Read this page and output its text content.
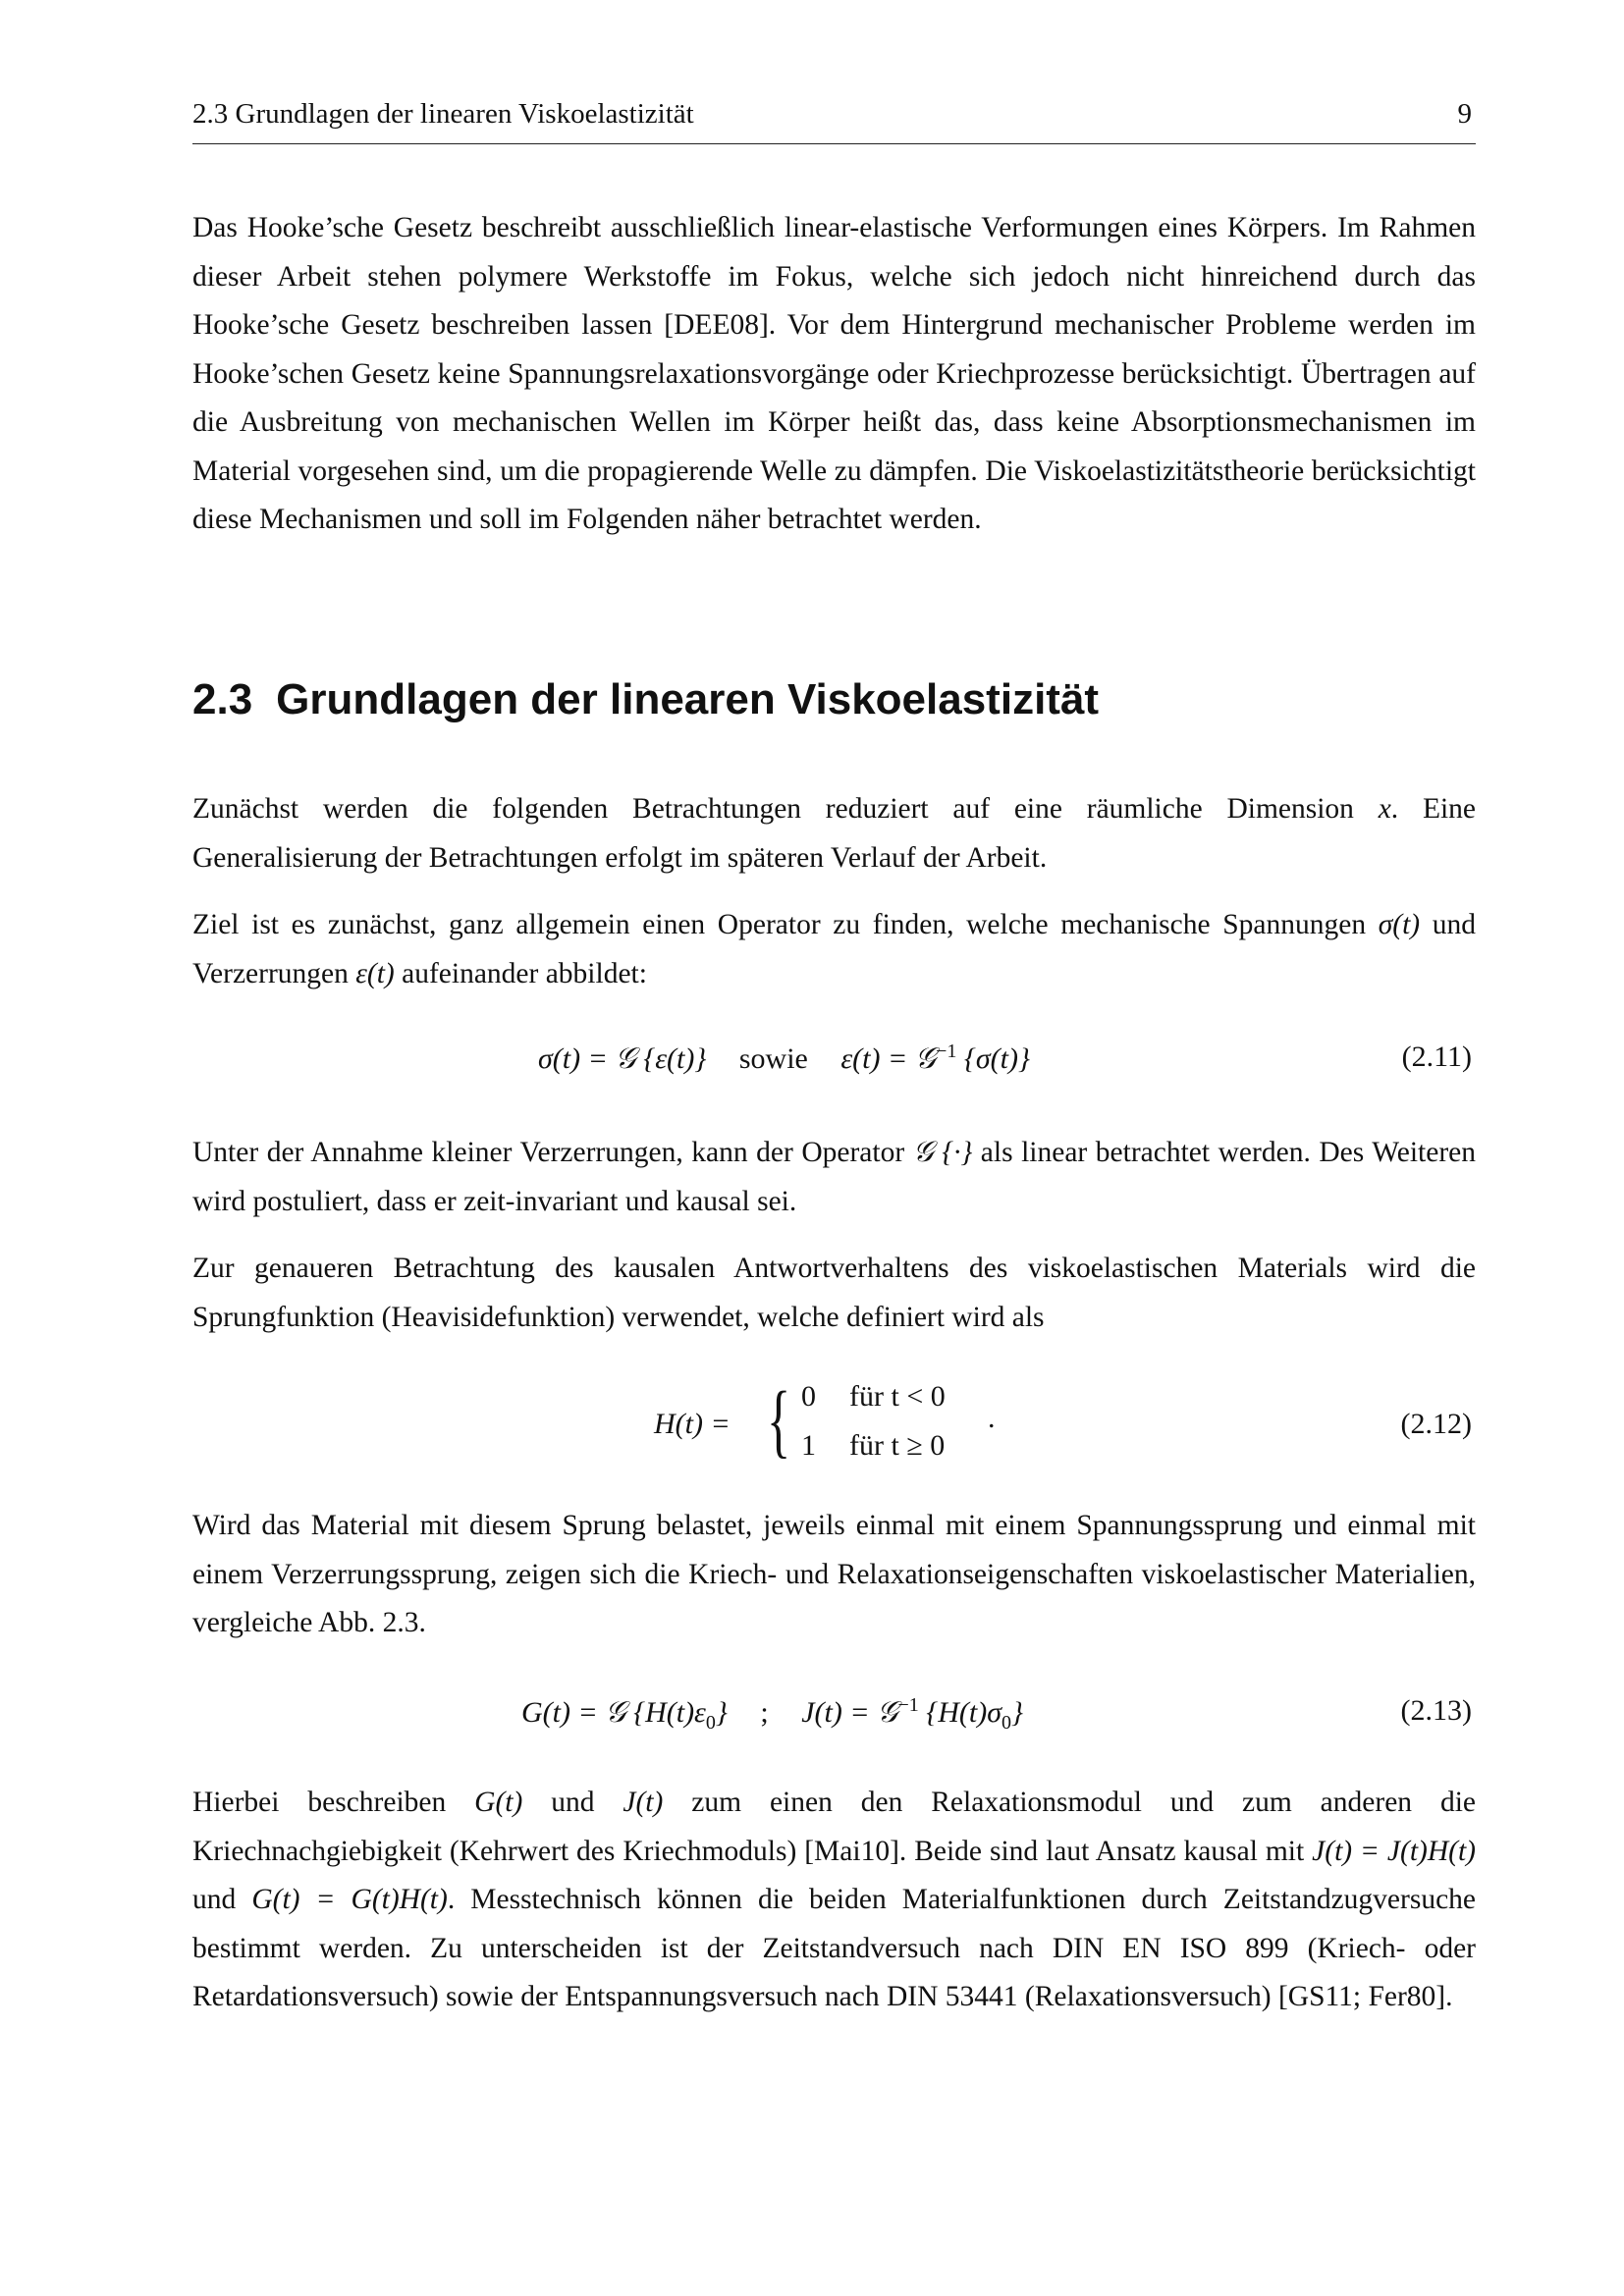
2.3 Grundlagen der linearen Viskoelastizität	9

Das Hooke’sche Gesetz beschreibt ausschließlich linear-elastische Verformungen eines Körpers. Im Rahmen dieser Arbeit stehen polymere Werkstoffe im Fokus, welche sich jedoch nicht hinreichend durch das Hooke’sche Gesetz beschreiben lassen [DEE08]. Vor dem Hintergrund mechanischer Probleme werden im Hooke’schen Gesetz keine Spannungsrelaxationsvorgänge oder Kriechprozesse berücksichtigt. Übertragen auf die Ausbreitung von mechanischen Wellen im Körper heißt das, dass keine Absorptionsmechanismen im Material vorgesehen sind, um die propagierende Welle zu dämpfen. Die Viskoelastizitätstheorie berücksichtigt diese Mechanismen und soll im Folgenden näher betrachtet werden.

2.3 Grundlagen der linearen Viskoelastizität

Zunächst werden die folgenden Betrachtungen reduziert auf eine räumliche Dimension x. Eine Generalisierung der Betrachtungen erfolgt im späteren Verlauf der Arbeit.

Ziel ist es zunächst, ganz allgemein einen Operator zu finden, welche mechanische Spannungen σ(t) und Verzerrungen ε(t) aufeinander abbildet:

σ(t) = 𝒢 {ε(t)} sowie ε(t) = 𝒢$^{-1}$ {σ(t)}	(2.11)

Unter der Annahme kleiner Verzerrungen, kann der Operator 𝒢 {·} als linear betrachtet werden. Des Weiteren wird postuliert, dass er zeit-invariant und kausal sei.

Zur genaueren Betrachtung des kausalen Antwortverhaltens des viskoelastischen Materials wird die Sprungfunktion (Heavisidefunktion) verwendet, welche definiert wird als

H(t) = { 0 für t < 0
1 für t ≥ 0
.	(2.12)

Wird das Material mit diesem Sprung belastet, jeweils einmal mit einem Spannungssprung und einmal mit einem Verzerrungssprung, zeigen sich die Kriech- und Relaxationseigenschaften viskoelastischer Materialien, vergleiche Abb. 2.3.

G(t) = 𝒢 $\{H(t)\varepsilon_0\}$ ; J(t) = 𝒢$^{-1}$ $\{H(t)\sigma_0\}$	(2.13)

Hierbei beschreiben G(t) und J(t) zum einen den Relaxationsmodul und zum anderen die Kriechnachgiebigkeit (Kehrwert des Kriechmoduls) [Mai10]. Beide sind laut Ansatz kausal mit J(t) = J(t)H(t) und G(t) = G(t)H(t). Messtechnisch können die beiden Materialfunktionen durch Zeitstandzugversuche bestimmt werden. Zu unterscheiden ist der Zeitstandversuch nach DIN EN ISO 899 (Kriech- oder Retardationsversuch) sowie der Entspannungsversuch nach DIN 53441 (Relaxationsversuch) [GS11; Fer80].
